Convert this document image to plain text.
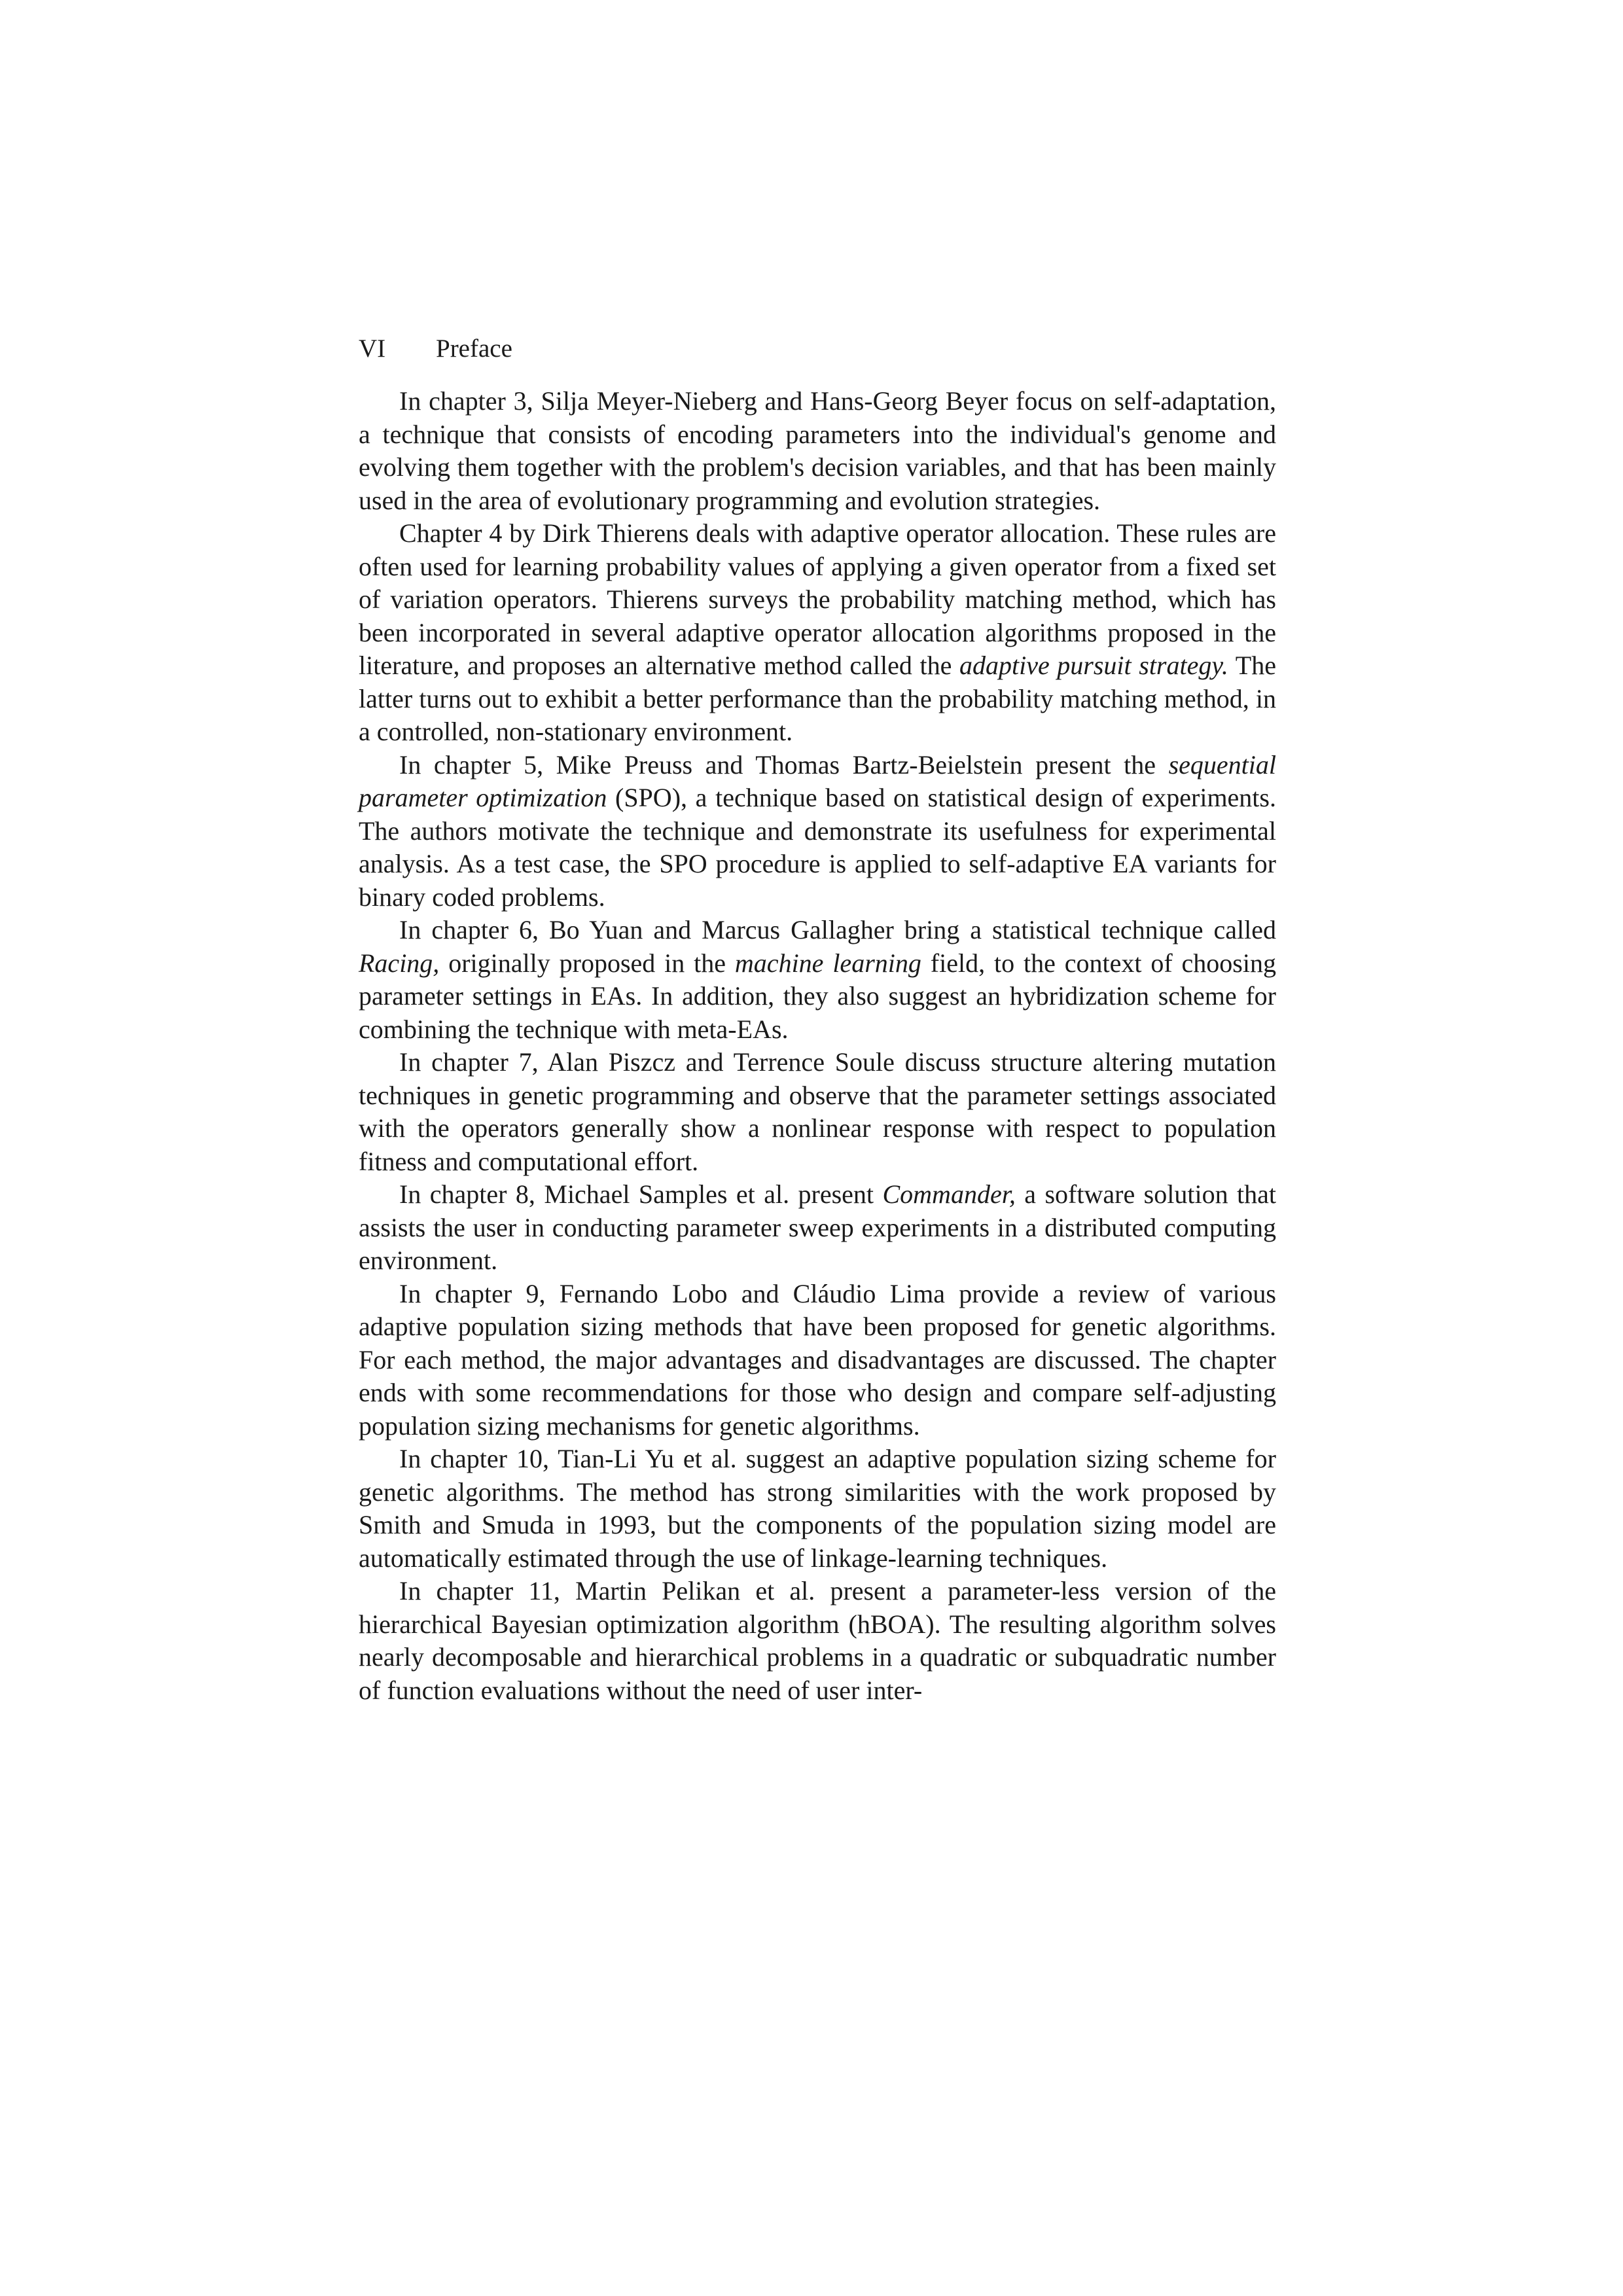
VI Preface

In chapter 3, Silja Meyer-Nieberg and Hans-Georg Beyer focus on self-adaptation, a technique that consists of encoding parameters into the individual's genome and evolving them together with the problem's decision variables, and that has been mainly used in the area of evolutionary programming and evolution strategies.

Chapter 4 by Dirk Thierens deals with adaptive operator allocation. These rules are often used for learning probability values of applying a given operator from a fixed set of variation operators. Thierens surveys the probability matching method, which has been incorporated in several adaptive operator allocation algorithms proposed in the literature, and proposes an alternative method called the adaptive pursuit strategy. The latter turns out to exhibit a better performance than the probability matching method, in a controlled, non-stationary environment.

In chapter 5, Mike Preuss and Thomas Bartz-Beielstein present the sequential parameter optimization (SPO), a technique based on statistical design of experiments. The authors motivate the technique and demonstrate its usefulness for experimental analysis. As a test case, the SPO procedure is applied to self-adaptive EA variants for binary coded problems.

In chapter 6, Bo Yuan and Marcus Gallagher bring a statistical technique called Racing, originally proposed in the machine learning field, to the context of choosing parameter settings in EAs. In addition, they also suggest an hybridization scheme for combining the technique with meta-EAs.

In chapter 7, Alan Piszcz and Terrence Soule discuss structure altering mutation techniques in genetic programming and observe that the parameter settings associated with the operators generally show a nonlinear response with respect to population fitness and computational effort.

In chapter 8, Michael Samples et al. present Commander, a software solution that assists the user in conducting parameter sweep experiments in a distributed computing environment.

In chapter 9, Fernando Lobo and Cláudio Lima provide a review of various adaptive population sizing methods that have been proposed for genetic algorithms. For each method, the major advantages and disadvantages are discussed. The chapter ends with some recommendations for those who design and compare self-adjusting population sizing mechanisms for genetic algorithms.

In chapter 10, Tian-Li Yu et al. suggest an adaptive population sizing scheme for genetic algorithms. The method has strong similarities with the work proposed by Smith and Smuda in 1993, but the components of the population sizing model are automatically estimated through the use of linkage-learning techniques.

In chapter 11, Martin Pelikan et al. present a parameter-less version of the hierarchical Bayesian optimization algorithm (hBOA). The resulting algorithm solves nearly decomposable and hierarchical problems in a quadratic or subquadratic number of function evaluations without the need of user inter-
